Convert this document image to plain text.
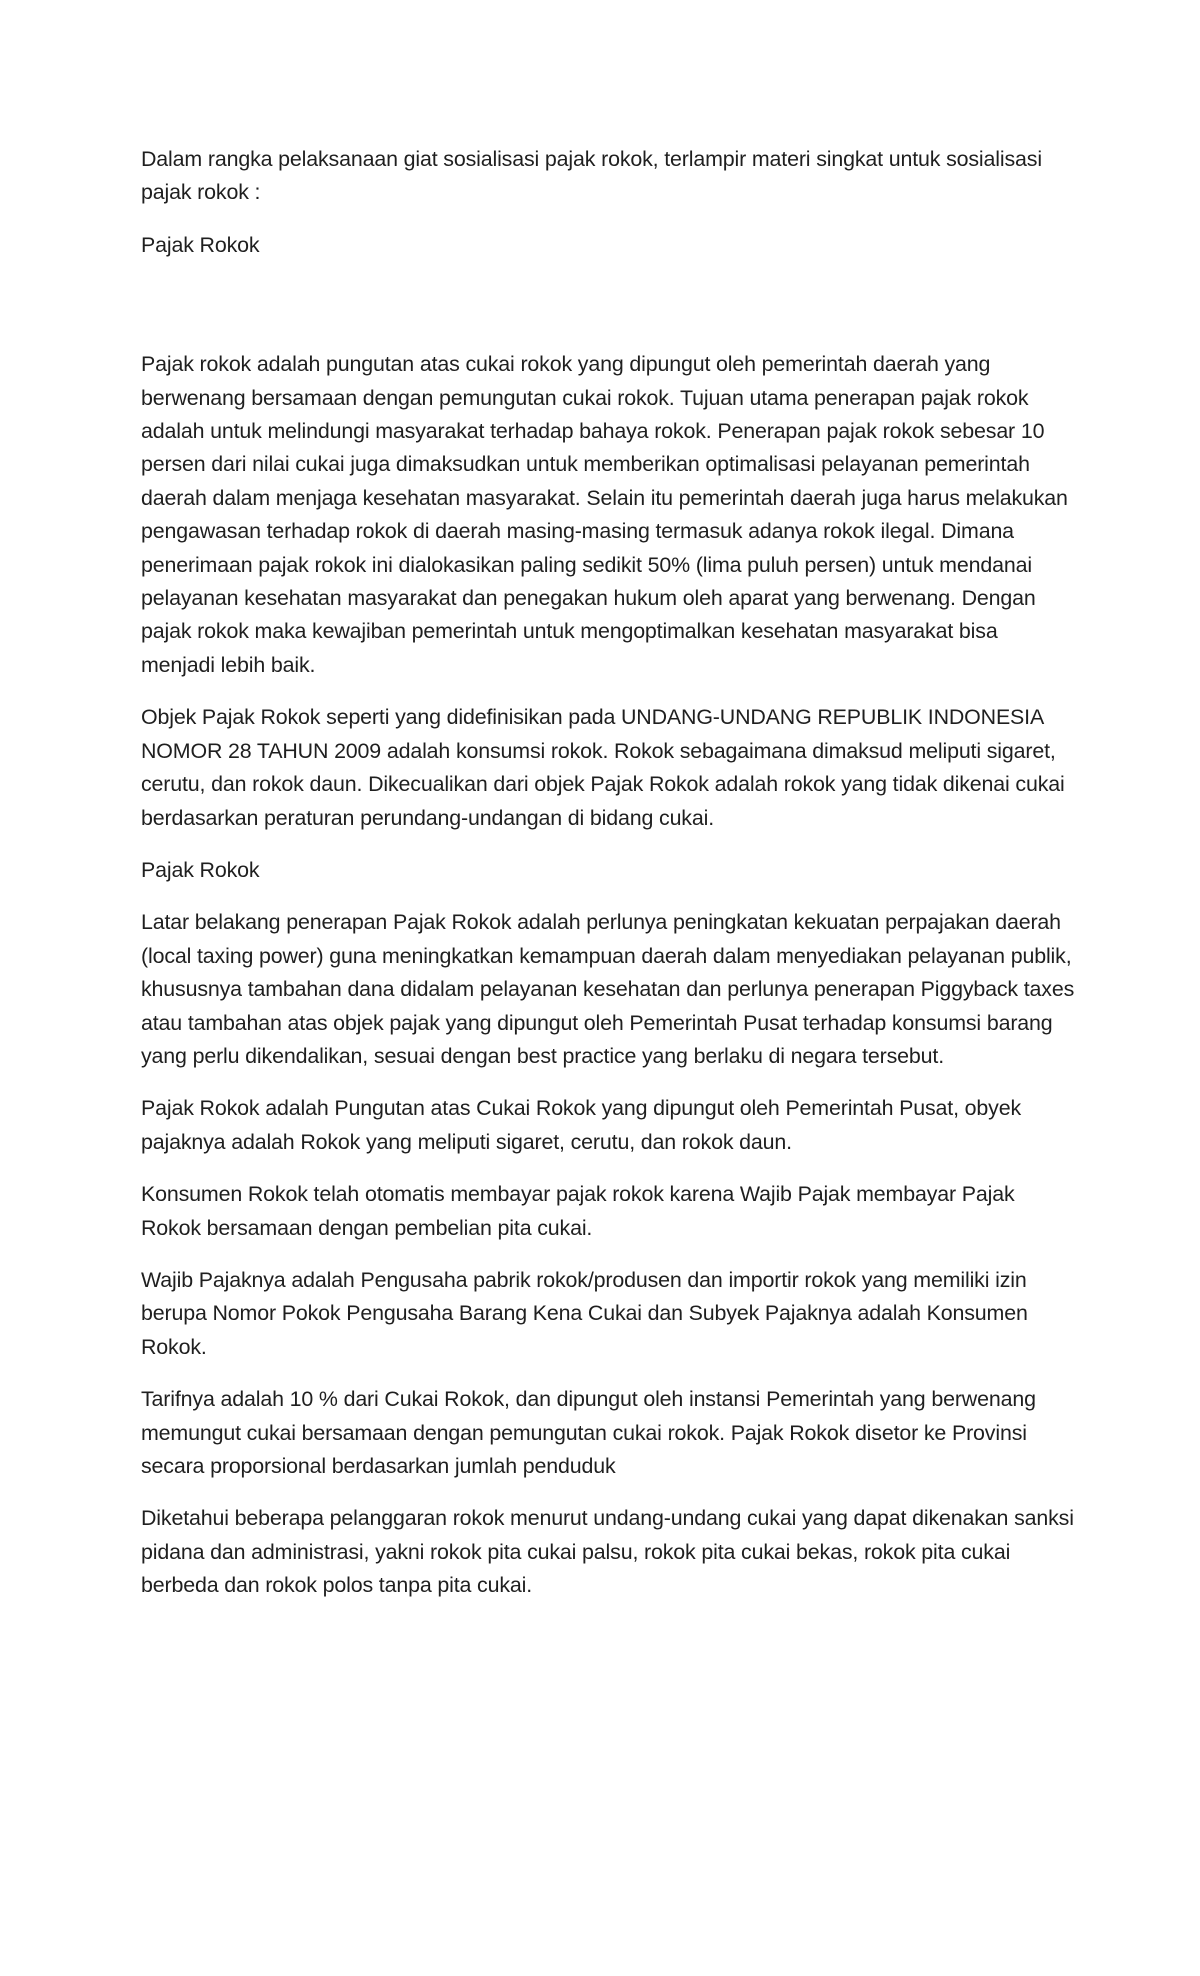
Dalam rangka pelaksanaan giat sosialisasi pajak rokok, terlampir materi singkat untuk sosialisasi pajak rokok :

Pajak Rokok

Pajak rokok adalah pungutan atas cukai rokok yang dipungut oleh pemerintah daerah yang berwenang bersamaan dengan pemungutan cukai rokok. Tujuan utama penerapan pajak rokok adalah untuk melindungi masyarakat terhadap bahaya rokok. Penerapan pajak rokok sebesar 10 persen dari nilai cukai juga dimaksudkan untuk memberikan optimalisasi pelayanan pemerintah daerah dalam menjaga kesehatan masyarakat. Selain itu pemerintah daerah juga harus melakukan pengawasan terhadap rokok di daerah masing-masing termasuk adanya rokok ilegal. Dimana penerimaan pajak rokok ini dialokasikan paling sedikit 50% (lima puluh persen) untuk mendanai pelayanan kesehatan masyarakat dan penegakan hukum oleh aparat yang berwenang. Dengan pajak rokok maka kewajiban pemerintah untuk mengoptimalkan kesehatan masyarakat bisa menjadi lebih baik.

Objek Pajak Rokok seperti yang didefinisikan pada UNDANG-UNDANG REPUBLIK INDONESIA NOMOR 28 TAHUN 2009 adalah konsumsi rokok. Rokok sebagaimana dimaksud meliputi sigaret, cerutu, dan rokok daun. Dikecualikan dari objek Pajak Rokok adalah rokok yang tidak dikenai cukai berdasarkan peraturan perundang-undangan di bidang cukai.

Pajak Rokok

Latar belakang penerapan Pajak Rokok adalah perlunya peningkatan kekuatan perpajakan daerah (local taxing power) guna meningkatkan kemampuan daerah dalam menyediakan pelayanan publik, khususnya tambahan dana didalam pelayanan kesehatan dan perlunya penerapan Piggyback taxes atau tambahan atas objek pajak yang dipungut oleh Pemerintah Pusat terhadap konsumsi barang yang perlu dikendalikan, sesuai dengan best practice yang berlaku di negara tersebut.

Pajak Rokok adalah Pungutan atas Cukai Rokok yang dipungut oleh Pemerintah Pusat, obyek pajaknya adalah Rokok yang meliputi sigaret, cerutu, dan rokok daun.

Konsumen Rokok telah otomatis membayar pajak rokok karena Wajib Pajak membayar Pajak Rokok bersamaan dengan pembelian pita cukai.

Wajib Pajaknya adalah Pengusaha pabrik rokok/produsen dan importir rokok yang memiliki izin berupa Nomor Pokok Pengusaha Barang Kena Cukai dan Subyek Pajaknya adalah Konsumen Rokok.

Tarifnya adalah 10 % dari Cukai Rokok, dan dipungut oleh instansi Pemerintah yang berwenang memungut cukai bersamaan dengan pemungutan cukai rokok. Pajak Rokok disetor ke Provinsi secara proporsional berdasarkan jumlah penduduk

Diketahui beberapa pelanggaran rokok menurut undang-undang cukai yang dapat dikenakan sanksi pidana dan administrasi, yakni rokok pita cukai palsu, rokok pita cukai bekas, rokok pita cukai berbeda dan rokok polos tanpa pita cukai.
